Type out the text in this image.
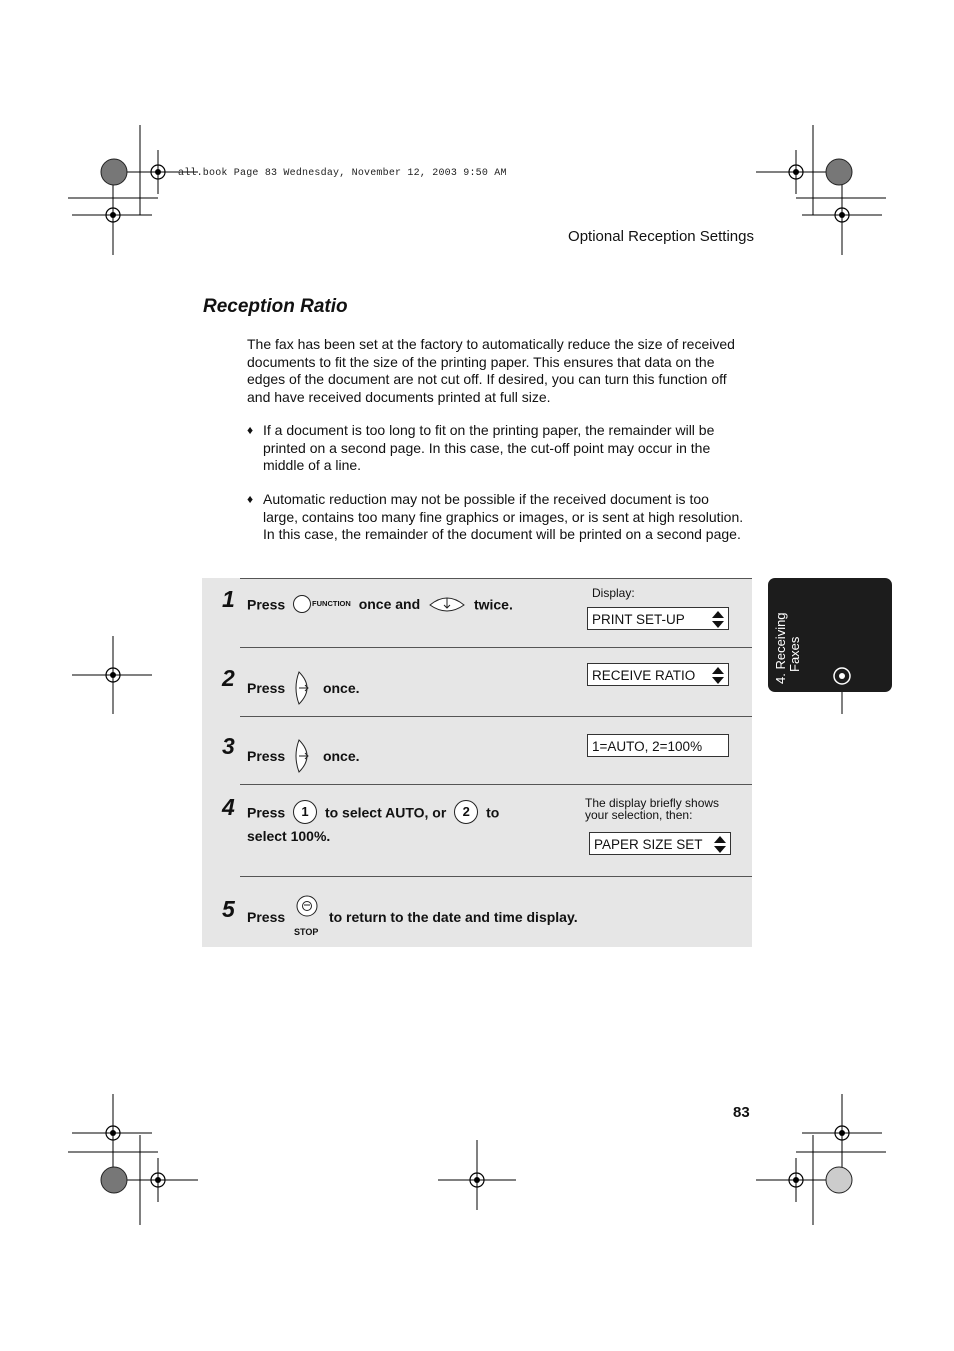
all.book Page 83 Wednesday, November 12, 2003 9:50 AM
Optional Reception Settings
Reception Ratio
The fax has been set at the factory to automatically reduce the size of received documents to fit the size of the printing paper. This ensures that data on the edges of the document are not cut off. If desired, you can turn this function off and have received documents printed at full size.
♦ If a document is too long to fit on the printing paper, the remainder will be printed on a second page. In this case, the cut-off point may occur in the middle of a line.
♦ Automatic reduction may not be possible if the received document is too large, contains too many fine graphics or images, or is sent at high resolution. In this case, the remainder of the document will be printed on a second page.
1 Press	FUNCTION once and	twice.
Display:
PRINT SET-UP
2 Press	once.
RECEIVE RATIO
3 Press	once.
1=AUTO, 2=100%
4 Press 1 to select AUTO, or 2 to
select 100%.
The display briefly shows your selection, then:
PAPER SIZE SET
5 Press
STOP
to return to the date and time display.
4. Receiving Faxes
83
